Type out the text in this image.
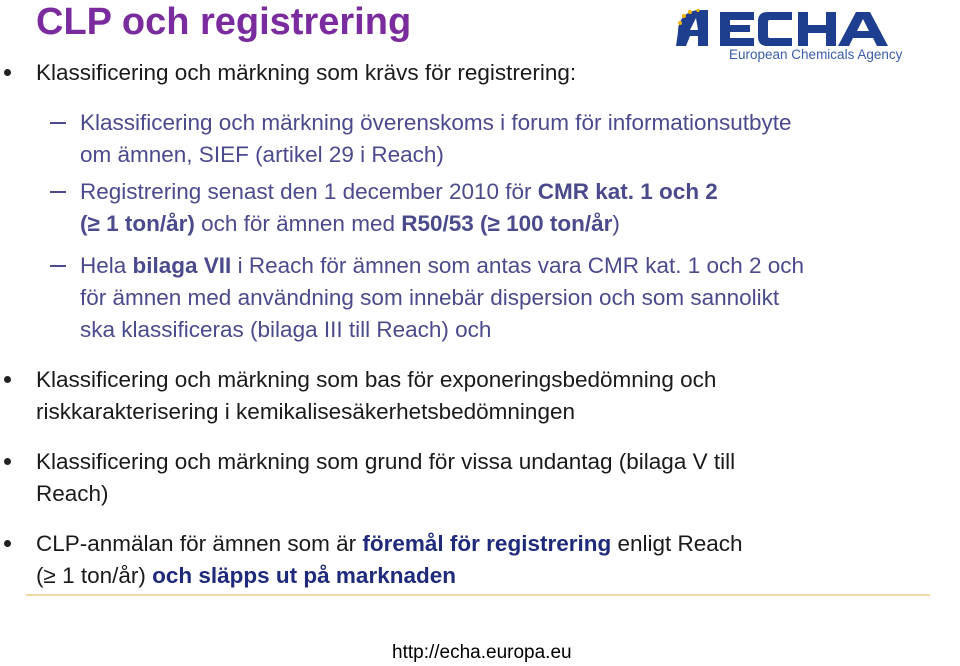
CLP och registrering
European Chemicals Agency
Klassificering och märkning som krävs för registrering:
Klassificering och märkning överenskoms i forum för informationsutbyte
om ämnen, SIEF (artikel 29 i Reach)
Registrering senast den 1 december 2010 för CMR kat. 1 och 2
(≥ 1 ton/år) och för ämnen med R50/53 (≥ 100 ton/år)
Hela bilaga VII i Reach för ämnen som antas vara CMR kat. 1 och 2 och
för ämnen med användning som innebär dispersion och som sannolikt
ska klassificeras (bilaga III till Reach) och
Klassificering och märkning som bas för exponeringsbedömning och
riskkarakterisering i kemikalisesäkerhetsbedömningen
Klassificering och märkning som grund för vissa undantag (bilaga V till
Reach)
CLP-anmälan för ämnen som är föremål för registrering enligt Reach
(≥ 1 ton/år) och släpps ut på marknaden
http://echa.europa.eu
